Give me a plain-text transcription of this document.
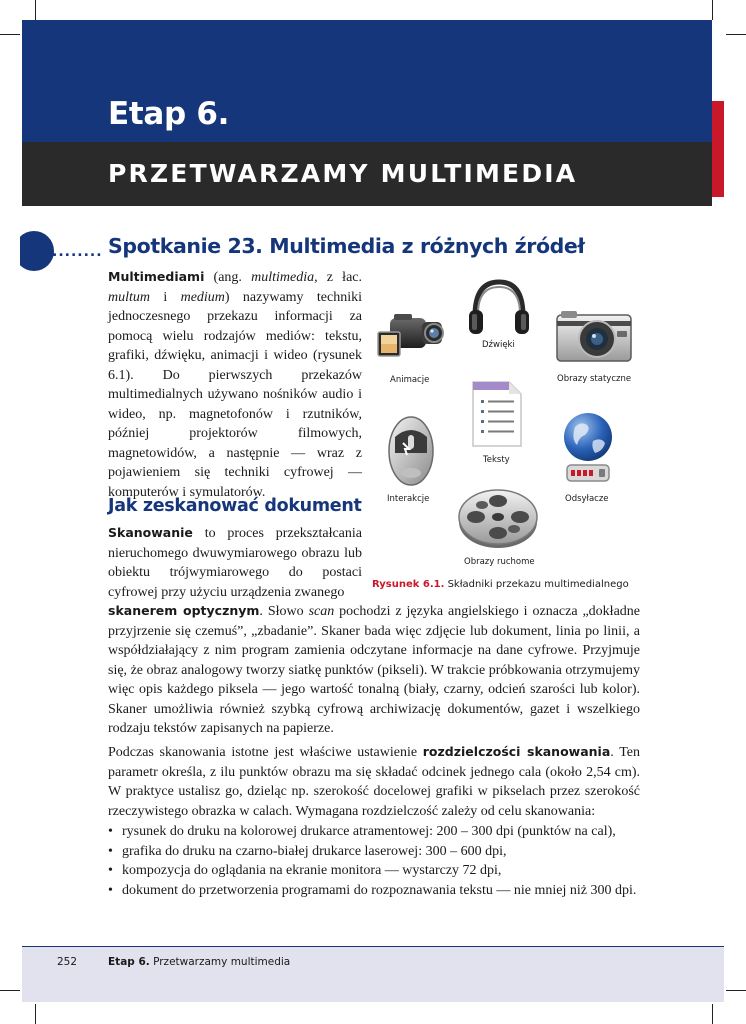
Etap 6.
PRZETWARZAMY MULTIMEDIA
........ Spotkanie 23. Multimedia z różnych źródeł

Multimediami (ang. multimedia, z łac. multum i medium) nazywamy techniki jednoczesnego przekazu informacji za pomocą wielu rodzajów mediów: tekstu, grafiki, dźwięku, animacji i wideo (rysunek 6.1). Do pierwszych przekazów multimedialnych używano nośników audio i wideo, np. magnetofonów i rzutników, później projektorów filmowych, magnetowidów, a następnie — wraz z pojawieniem się techniki cyfrowej — komputerów i symulatorów.

Jak zeskanować dokument

Skanowanie to proces przekształcania nieruchomego dwuwymiarowego obrazu lub obiektu trójwymiarowego do postaci cyfrowej przy użyciu urządzenia zwanego

skanerem optycznym. Słowo scan pochodzi z języka angielskiego i oznacza „dokładne przyjrzenie się czemuś”, „zbadanie”. Skaner bada więc zdjęcie lub dokument, linia po linii, a współdziałający z nim program zamienia odczytane informacje na dane cyfrowe. Przyjmuje się, że obraz analogowy tworzy siatkę punktów (pikseli). W trakcie próbkowania otrzymujemy więc opis każdego piksela — jego wartość tonalną (biały, czarny, odcień szarości lub kolor). Skaner umożliwia również szybką cyfrową archiwizację dokumentów, gazet i wszelkiego rodzaju tekstów zapisanych na papierze.

Podczas skanowania istotne jest właściwe ustawienie rozdzielczości skanowania. Ten parametr określa, z ilu punktów obrazu ma się składać odcinek jednego cala (około 2,54 cm). W praktyce ustalisz go, dzieląc np. szerokość docelowej grafiki w pikselach przez szerokość rzeczywistego obrazka w calach. Wymagana rozdzielczość zależy od celu skanowania:

• rysunek do druku na kolorowej drukarce atramentowej: 200 – 300 dpi (punktów na cal),
• grafika do druku na czarno-białej drukarce laserowej: 300 – 600 dpi,
• kompozycja do oglądania na ekranie monitora — wystarczy 72 dpi,
• dokument do przetworzenia programami do rozpoznawania tekstu — nie mniej niż 300 dpi.
Animacje
Dźwięki
Obrazy statyczne
Teksty
Interakcje	Odsyłacze
Obrazy ruchome
Rysunek 6.1. Składniki przekazu multimedialnego
252	Etap 6. Przetwarzamy multimedia
